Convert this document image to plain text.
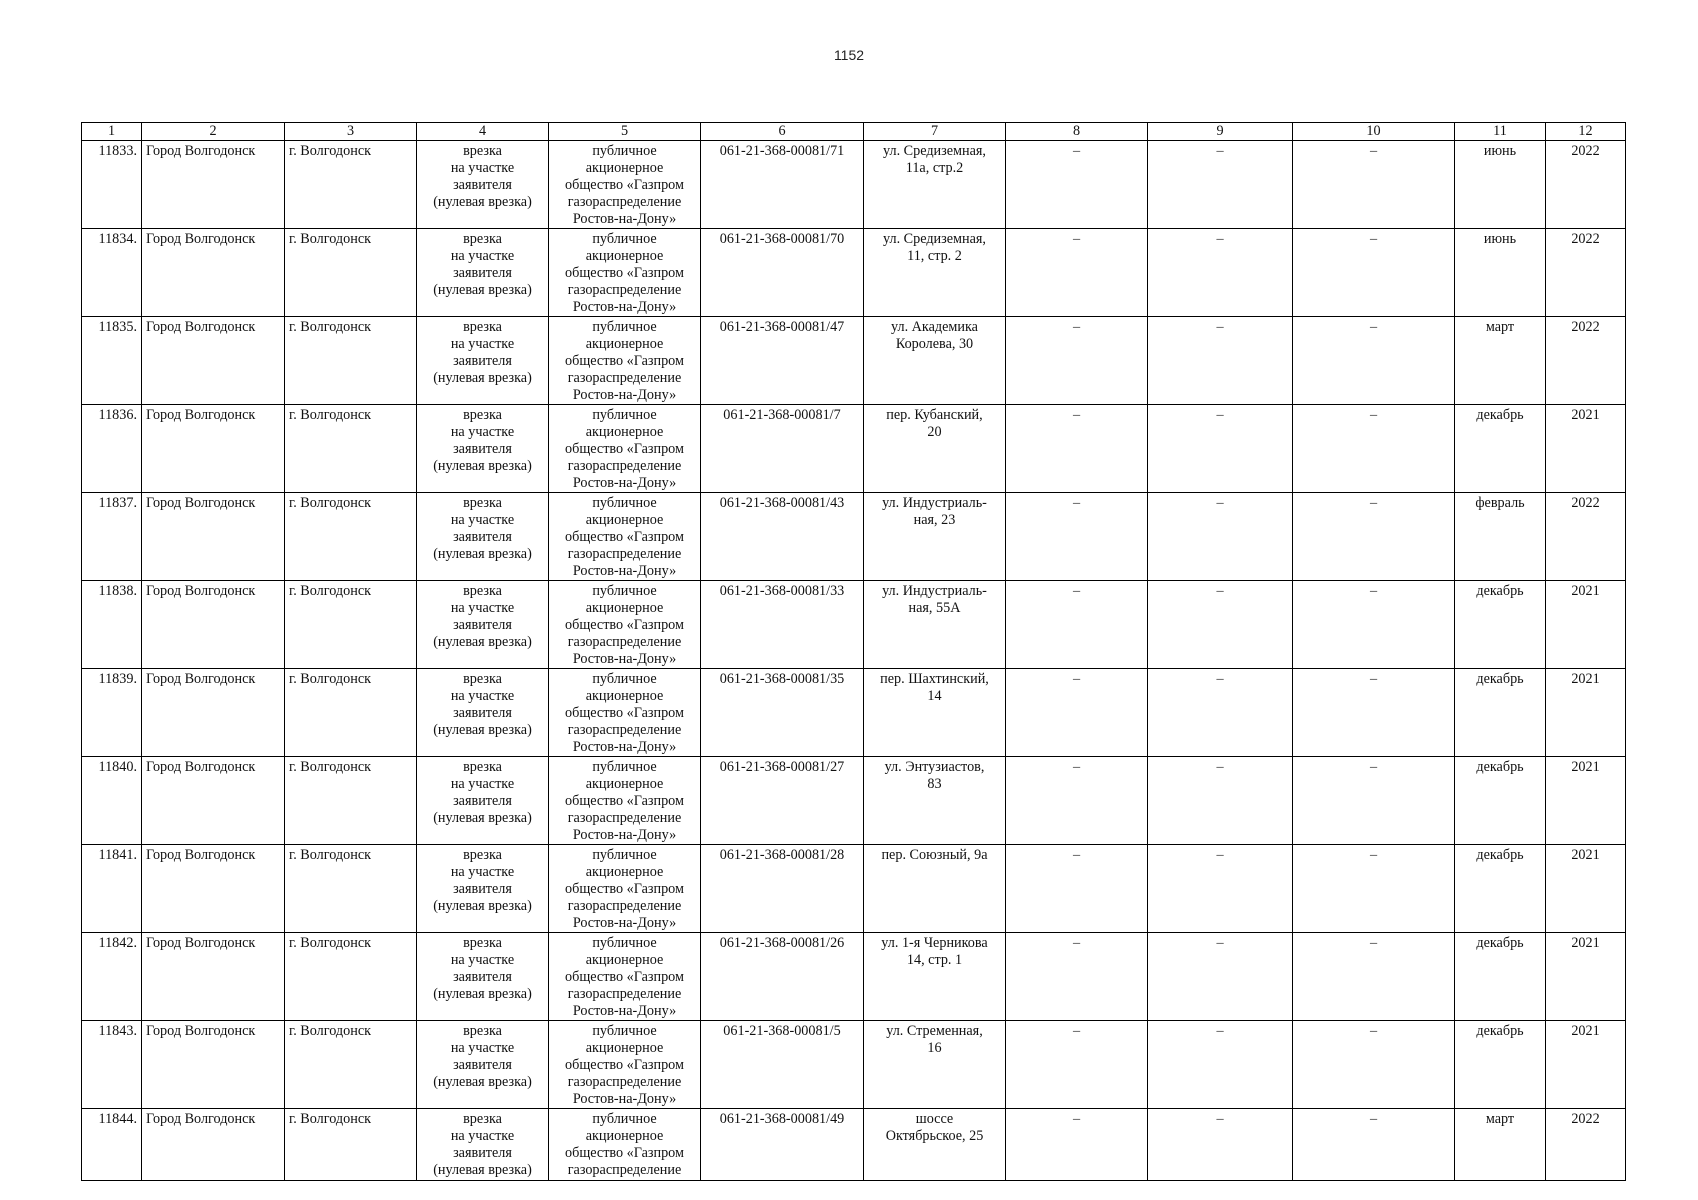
1152
1	2	3	4	5	6	7	8	9	10	11	12
11833.	Город Волгодонск	г. Волгодонск	врезка
на участке
заявителя
(нулевая врезка)	публичное
акционерное
общество «Газпром
газораспределение
Ростов-на-Дону»	061-21-368-00081/71	ул. Средиземная,
11а, стр.2	–	–	–	июнь	2022
11834.	Город Волгодонск	г. Волгодонск	врезка
на участке
заявителя
(нулевая врезка)	публичное
акционерное
общество «Газпром
газораспределение
Ростов-на-Дону»	061-21-368-00081/70	ул. Средиземная,
11, стр. 2	–	–	–	июнь	2022
11835.	Город Волгодонск	г. Волгодонск	врезка
на участке
заявителя
(нулевая врезка)	публичное
акционерное
общество «Газпром
газораспределение
Ростов-на-Дону»	061-21-368-00081/47	ул. Академика
Королева, 30	–	–	–	март	2022
11836.	Город Волгодонск	г. Волгодонск	врезка
на участке
заявителя
(нулевая врезка)	публичное
акционерное
общество «Газпром
газораспределение
Ростов-на-Дону»	061-21-368-00081/7	пер. Кубанский,
20	–	–	–	декабрь	2021
11837.	Город Волгодонск	г. Волгодонск	врезка
на участке
заявителя
(нулевая врезка)	публичное
акционерное
общество «Газпром
газораспределение
Ростов-на-Дону»	061-21-368-00081/43	ул. Индустриаль-
ная, 23	–	–	–	февраль	2022
11838.	Город Волгодонск	г. Волгодонск	врезка
на участке
заявителя
(нулевая врезка)	публичное
акционерное
общество «Газпром
газораспределение
Ростов-на-Дону»	061-21-368-00081/33	ул. Индустриаль-
ная, 55А	–	–	–	декабрь	2021
11839.	Город Волгодонск	г. Волгодонск	врезка
на участке
заявителя
(нулевая врезка)	публичное
акционерное
общество «Газпром
газораспределение
Ростов-на-Дону»	061-21-368-00081/35	пер. Шахтинский,
14	–	–	–	декабрь	2021
11840.	Город Волгодонск	г. Волгодонск	врезка
на участке
заявителя
(нулевая врезка)	публичное
акционерное
общество «Газпром
газораспределение
Ростов-на-Дону»	061-21-368-00081/27	ул. Энтузиастов,
83	–	–	–	декабрь	2021
11841.	Город Волгодонск	г. Волгодонск	врезка
на участке
заявителя
(нулевая врезка)	публичное
акционерное
общество «Газпром
газораспределение
Ростов-на-Дону»	061-21-368-00081/28	пер. Союзный, 9а	–	–	–	декабрь	2021
11842.	Город Волгодонск	г. Волгодонск	врезка
на участке
заявителя
(нулевая врезка)	публичное
акционерное
общество «Газпром
газораспределение
Ростов-на-Дону»	061-21-368-00081/26	ул. 1-я Черникова
14, стр. 1	–	–	–	декабрь	2021
11843.	Город Волгодонск	г. Волгодонск	врезка
на участке
заявителя
(нулевая врезка)	публичное
акционерное
общество «Газпром
газораспределение
Ростов-на-Дону»	061-21-368-00081/5	ул. Стременная,
16	–	–	–	декабрь	2021
11844.	Город Волгодонск	г. Волгодонск	врезка
на участке
заявителя
(нулевая врезка)	публичное
акционерное
общество «Газпром
газораспределение	061-21-368-00081/49	шоссе
Октябрьское, 25	–	–	–	март	2022
